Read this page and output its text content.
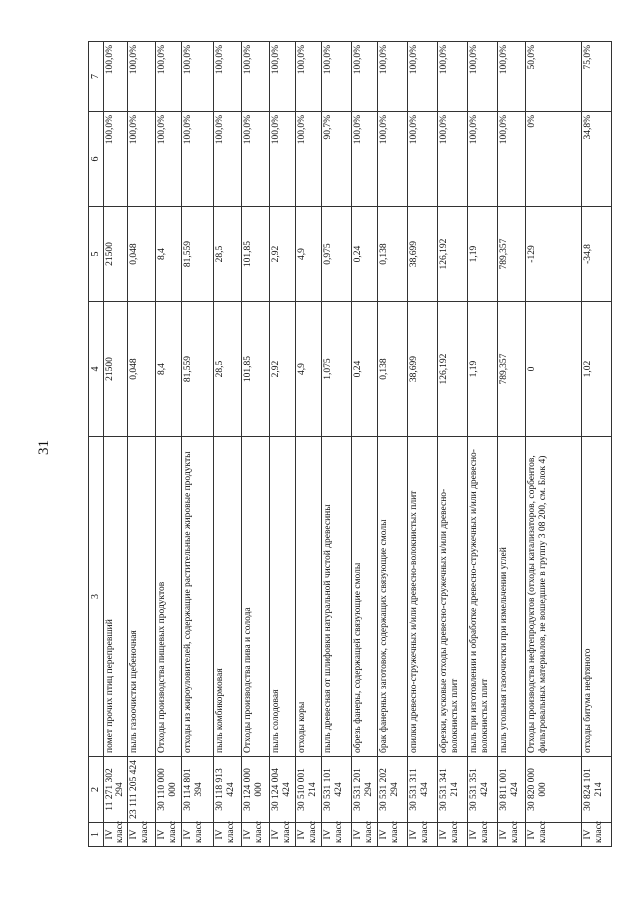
31
1	2	3	4	5	6	7
IV класс	11 271 302 294	помет прочих птиц перепревший	21500	21500	100,0%	100,0%
IV класс	23 111 205 424	пыль газоочистки щебеночная	0,048	0,048	100,0%	100,0%
IV класс	30 110 000 000	Отходы производства пищевых продуктов	8,4	8,4	100,0%	100,0%
IV класс	30 114 801 394	отходы из жироуловителей, содержащие растительные жировые продукты	81,559	81,559	100,0%	100,0%
IV класс	30 118 913 424	пыль комбикормовая	28,5	28,5	100,0%	100,0%
IV класс	30 124 000 000	Отходы производства пива и солода	101,85	101,85	100,0%	100,0%
IV класс	30 124 004 424	пыль солодовая	2,92	2,92	100,0%	100,0%
IV класс	30 510 001 214	отходы коры	4,9	4,9	100,0%	100,0%
IV класс	30 531 101 424	пыль древесная от шлифовки натуральной чистой древесины	1,075	0,975	90,7%	100,0%
IV класс	30 531 201 294	обрезь фанеры, содержащей связующие смолы	0,24	0,24	100,0%	100,0%
IV класс	30 531 202 294	брак фанерных заготовок, содержащих связующие смолы	0,138	0,138	100,0%	100,0%
IV класс	30 531 311 434	опилки древесно-стружечных и/или древесно-волокнистых плит	38,699	38,699	100,0%	100,0%
IV класс	30 531 341 214	обрезки, кусковые отходы древесно-стружечных и/или древесно-волокнистых плит	126,192	126,192	100,0%	100,0%
IV класс	30 531 351 424	пыль при изготовлении и обработке древесно-стружечных и/или древесно-волокнистых плит	1,19	1,19	100,0%	100,0%
IV класс	30 811 001 424	пыль угольная газоочистки при измельчении углей	789,357	789,357	100,0%	100,0%
IV класс	30 820 000 000	Отходы производства нефтепродуктов (отходы катализаторов, сорбентов, фильтровальных материалов, не вошедшие в группу 3 08 200, см. Блок 4)	0	-129	0%	50,0%
IV класс	30 824 101 214	отходы битума нефтяного	1,02	-34,8	34,8%	75,0%
